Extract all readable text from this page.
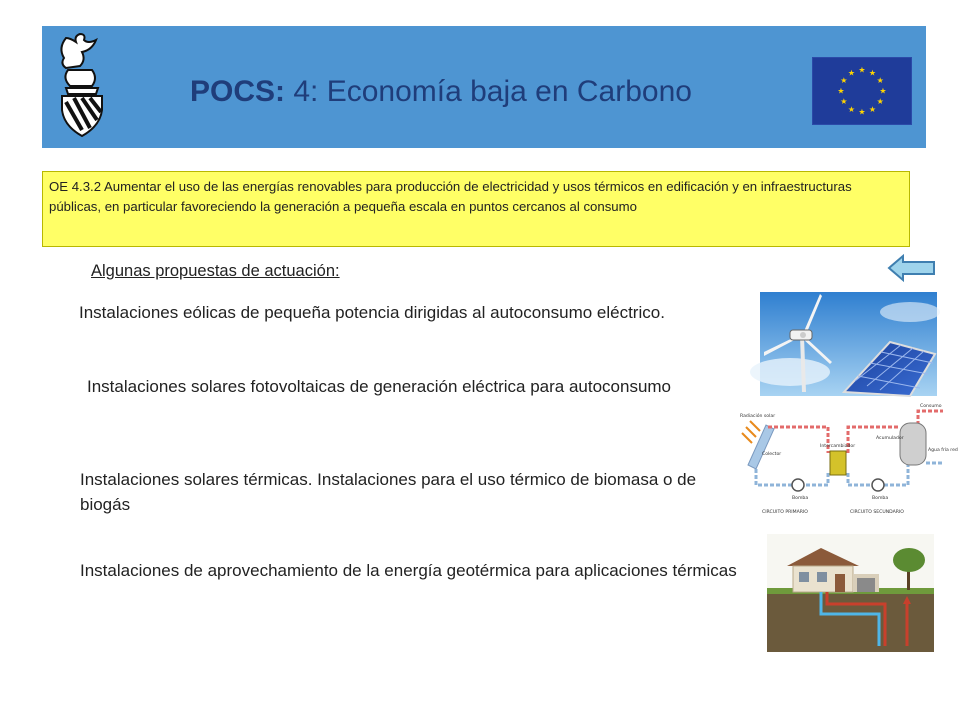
POCS: 4: Economía baja en Carbono
★ ★
★
★
★
★
★
★
★
★
★
★
OE 4.3.2 Aumentar el uso de las energías renovables para producción de electricidad y usos térmicos en edificación y en infraestructuras públicas, en particular favoreciendo la generación a pequeña escala en puntos cercanos al consumo
Algunas propuestas de actuación:
Instalaciones eólicas de pequeña potencia dirigidas al autoconsumo eléctrico.
Instalaciones solares fotovoltaicas de generación eléctrica para autoconsumo
Instalaciones solares térmicas. Instalaciones para el uso térmico de biomasa o de biogás
Instalaciones de aprovechamiento de la energía geotérmica para aplicaciones térmicas
Radiación solar
Colector
Intercambiador
Acumulador
Consumo
Agua fría red
Bomba	Bomba
CIRCUITO PRIMARIO	CIRCUITO SECUNDARIO
